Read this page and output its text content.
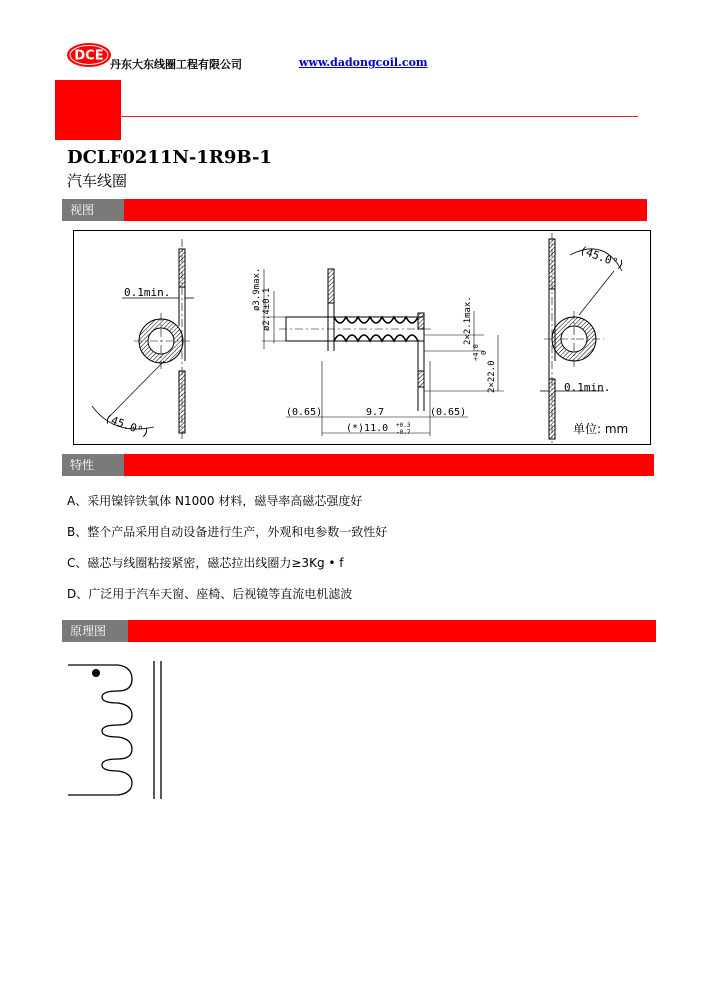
DCE
丹东大东线圈工程有限公司	www.dadongcoil.com
DCLF0211N-1R9B-1
汽车线圈
视图
0.1min.
(45.0°)
ø3.9max. ø2.4±0.1	2×2.1max.
2×22.0
+4.0 0
(0.65)	9.7	(0.65)
(*)11.0 +0.3
-0.7
(45.0°)
0.1min.
单位: mm
特性
A、采用镍锌铁氧体 N1000 材料，磁导率高磁芯强度好
B、整个产品采用自动设备进行生产，外观和电参数一致性好
C、磁芯与线圈粘接紧密，磁芯拉出线圈力≥3Kg • f
D、广泛用于汽车天窗、座椅、后视镜等直流电机滤波
原理图
